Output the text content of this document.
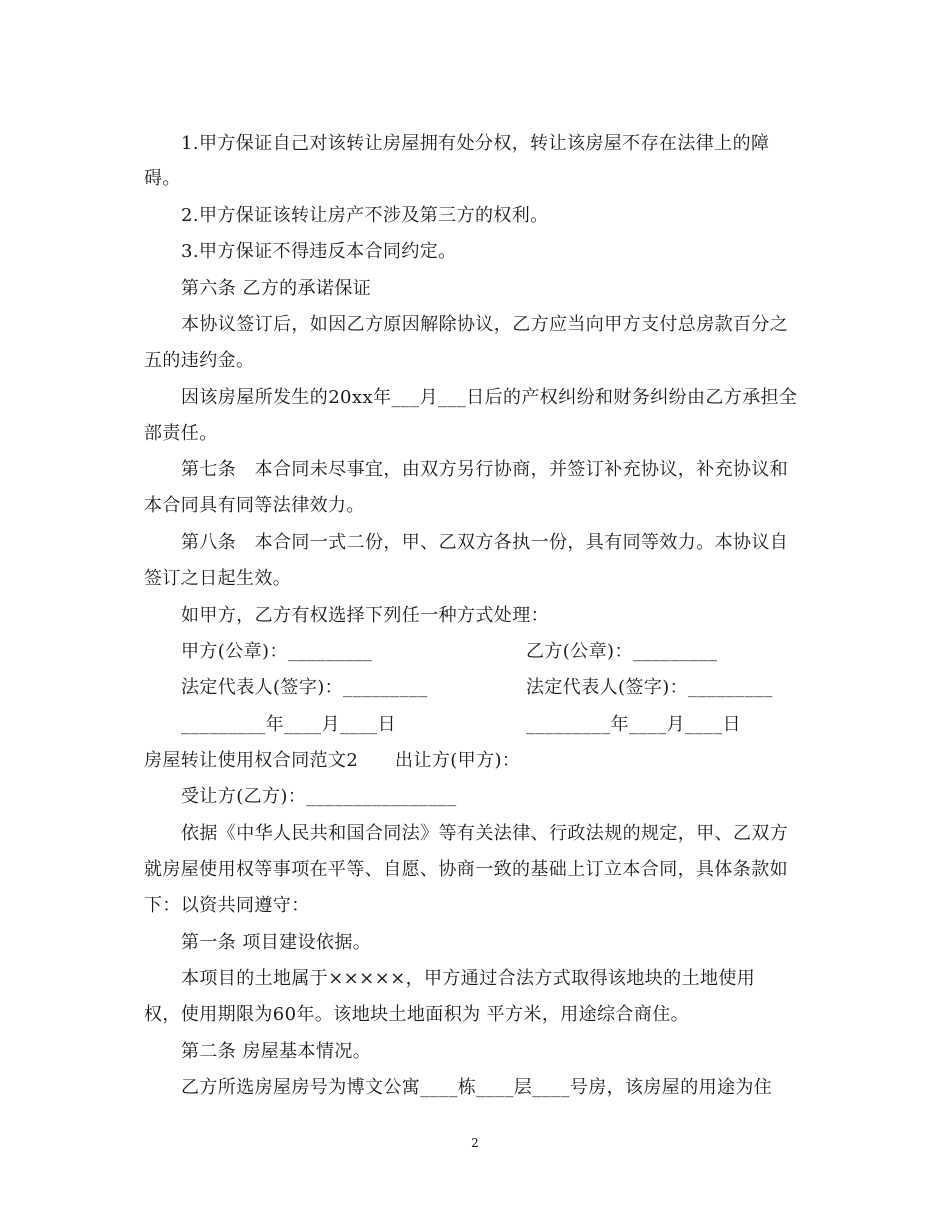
1.甲方保证自己对该转让房屋拥有处分权，转让该房屋不存在法律上的障
碍。
2.甲方保证该转让房产不涉及第三方的权利。
3.甲方保证不得违反本合同约定。
第六条 乙方的承诺保证
本协议签订后，如因乙方原因解除协议，乙方应当向甲方支付总房款百分之
五的违约金。
因该房屋所发生的20xx年___月___日后的产权纠纷和财务纠纷由乙方承担全
部责任。
第七条　本合同未尽事宜，由双方另行协商，并签订补充协议，补充协议和
本合同具有同等法律效力。
第八条　本合同一式二份，甲、乙双方各执一份，具有同等效力。本协议自
签订之日起生效。
如甲方，乙方有权选择下列任一种方式处理：
甲方(公章)：_________	乙方(公章)：_________
法定代表人(签字)：_________	法定代表人(签字)：_________
_________年____月____日	_________年____月____日
房屋转让使用权合同范文2　　出让方(甲方)：
受让方(乙方)：________________
依据《中华人民共和国合同法》等有关法律、行政法规的规定，甲、乙双方
就房屋使用权等事项在平等、自愿、协商一致的基础上订立本合同，具体条款如
下：以资共同遵守：
第一条 项目建设依据。
本项目的土地属于×××××，甲方通过合法方式取得该地块的土地使用
权，使用期限为60年。该地块土地面积为 平方米，用途综合商住。
第二条 房屋基本情况。
乙方所选房屋房号为博文公寓____栋____层____号房，该房屋的用途为住
2
